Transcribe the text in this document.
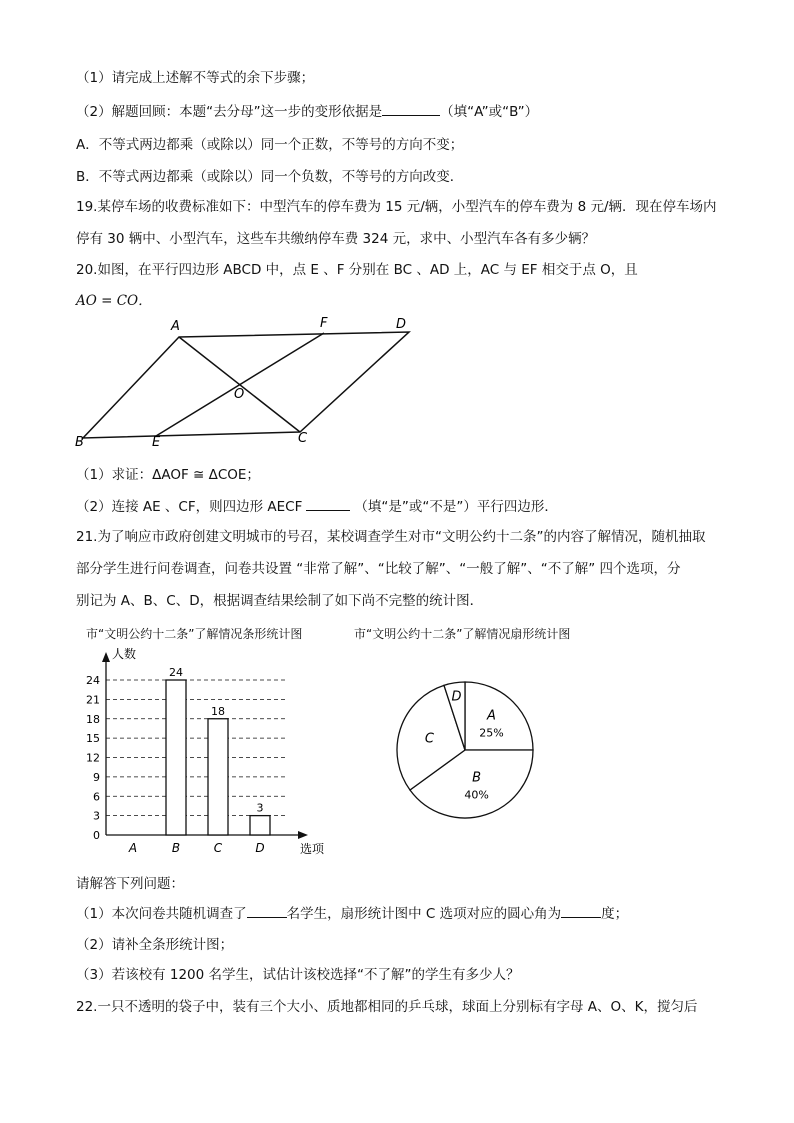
（1）请完成上述解不等式的余下步骤；
（2）解题回顾：本题“去分母”这一步的变形依据是	（填“A”或“B”）
A．不等式两边都乘（或除以）同一个正数，不等号的方向不变；
B．不等式两边都乘（或除以）同一个负数，不等号的方向改变．
19.某停车场的收费标准如下：中型汽车的停车费为 15 元/辆，小型汽车的停车费为 8 元/辆．现在停车场内
停有 30 辆中、小型汽车，这些车共缴纳停车费 324 元，求中、小型汽车各有多少辆？
20.如图，在平行四边形 ABCD 中，点 E 、F 分别在 BC 、AD 上，AC 与 EF 相交于点 O，且
AO = CO．
A	F	D
O
B	E	C
（1）求证：ΔAOF ≅ ΔCOE；
（2）连接 AE 、CF，则四边形 AECF	（填“是”或“不是”）平行四边形．
21.为了响应市政府创建文明城市的号召，某校调查学生对市“文明公约十二条”的内容了解情况，随机抽取
部分学生进行问卷调查，问卷共设置 “非常了解”、“比较了解”、“一般了解”、“不了解” 四个选项，分
别记为 A、B、C、D，根据调查结果绘制了如下尚不完整的统计图．
市“文明公约十二条”了解情况条形统计图
人数
选项
0
3
6
9
12
15
18
21
24
A	B
24
C
18
D
3
市“文明公约十二条”了解情况扇形统计图
A
25%
B
40%
C
D
请解答下列问题：
（1）本次问卷共随机调查了	名学生，扇形统计图中 C 选项对应的圆心角为	度；
（2）请补全条形统计图；
（3）若该校有 1200 名学生，试估计该校选择“不了解”的学生有多少人？
22.一只不透明的袋子中，装有三个大小、质地都相同的乒乓球，球面上分别标有字母 A、O、K，搅匀后
